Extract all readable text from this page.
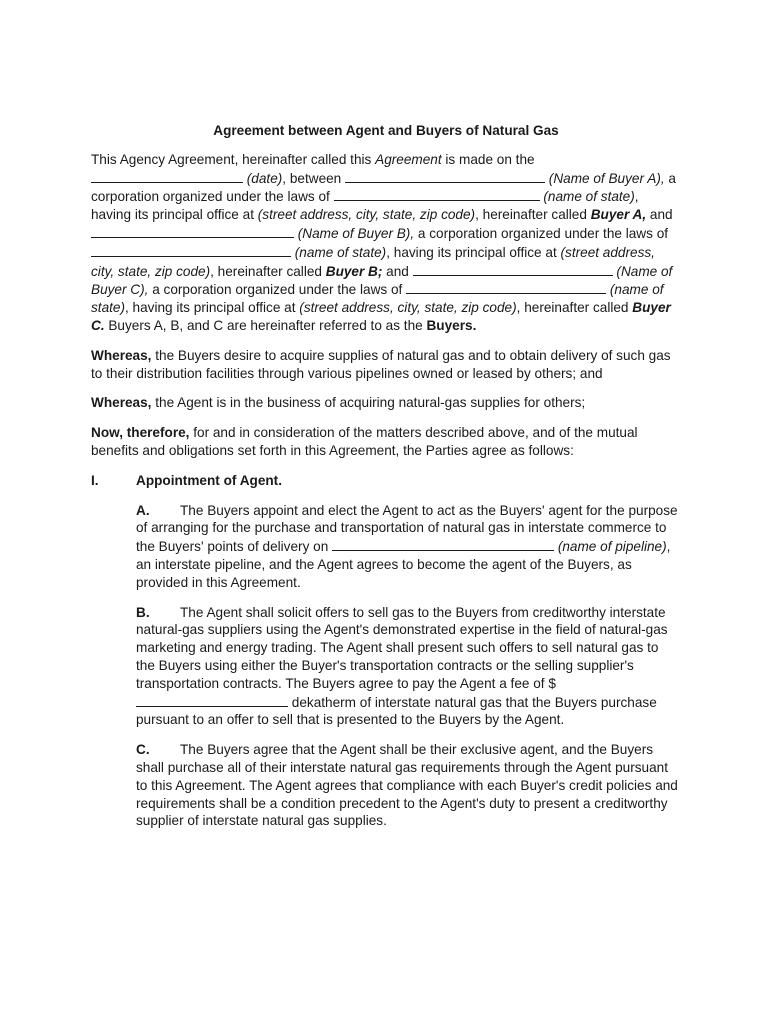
Agreement between Agent and Buyers of Natural Gas

This Agency Agreement, hereinafter called this Agreement is made on the  (date), between	(Name of Buyer A), a corporation organized under the laws of	(name of state), having its principal office at (street address, city, state, zip code), hereinafter called Buyer A, and  (Name of Buyer B), a corporation organized under the laws of  (name of state), having its principal office at (street address, city, state, zip code), hereinafter called Buyer B; and	(Name of Buyer C), a corporation organized under the laws of	(name of state), having its principal office at (street address, city, state, zip code), hereinafter called Buyer C. Buyers A, B, and C are hereinafter referred to as the Buyers.

Whereas, the Buyers desire to acquire supplies of natural gas and to obtain delivery of such gas to their distribution facilities through various pipelines owned or leased by others; and

Whereas, the Agent is in the business of acquiring natural-gas supplies for others;

Now, therefore, for and in consideration of the matters described above, and of the mutual benefits and obligations set forth in this Agreement, the Parties agree as follows:

I.	Appointment of Agent.

A. The Buyers appoint and elect the Agent to act as the Buyers' agent for the purpose of arranging for the purchase and transportation of natural gas in interstate commerce to the Buyers' points of delivery on	(name of pipeline), an interstate pipeline, and the Agent agrees to become the agent of the Buyers, as provided in this Agreement.

B. The Agent shall solicit offers to sell gas to the Buyers from creditworthy interstate natural-gas suppliers using the Agent's demonstrated expertise in the field of natural-gas marketing and energy trading. The Agent shall present such offers to sell natural gas to the Buyers using either the Buyer's transportation contracts or the selling supplier's transportation contracts. The Buyers agree to pay the Agent a fee of $ dekatherm of interstate natural gas that the Buyers purchase pursuant to an offer to sell that is presented to the Buyers by the Agent.

C. The Buyers agree that the Agent shall be their exclusive agent, and the Buyers shall purchase all of their interstate natural gas requirements through the Agent pursuant to this Agreement. The Agent agrees that compliance with each Buyer's credit policies and requirements shall be a condition precedent to the Agent's duty to present a creditworthy supplier of interstate natural gas supplies.
